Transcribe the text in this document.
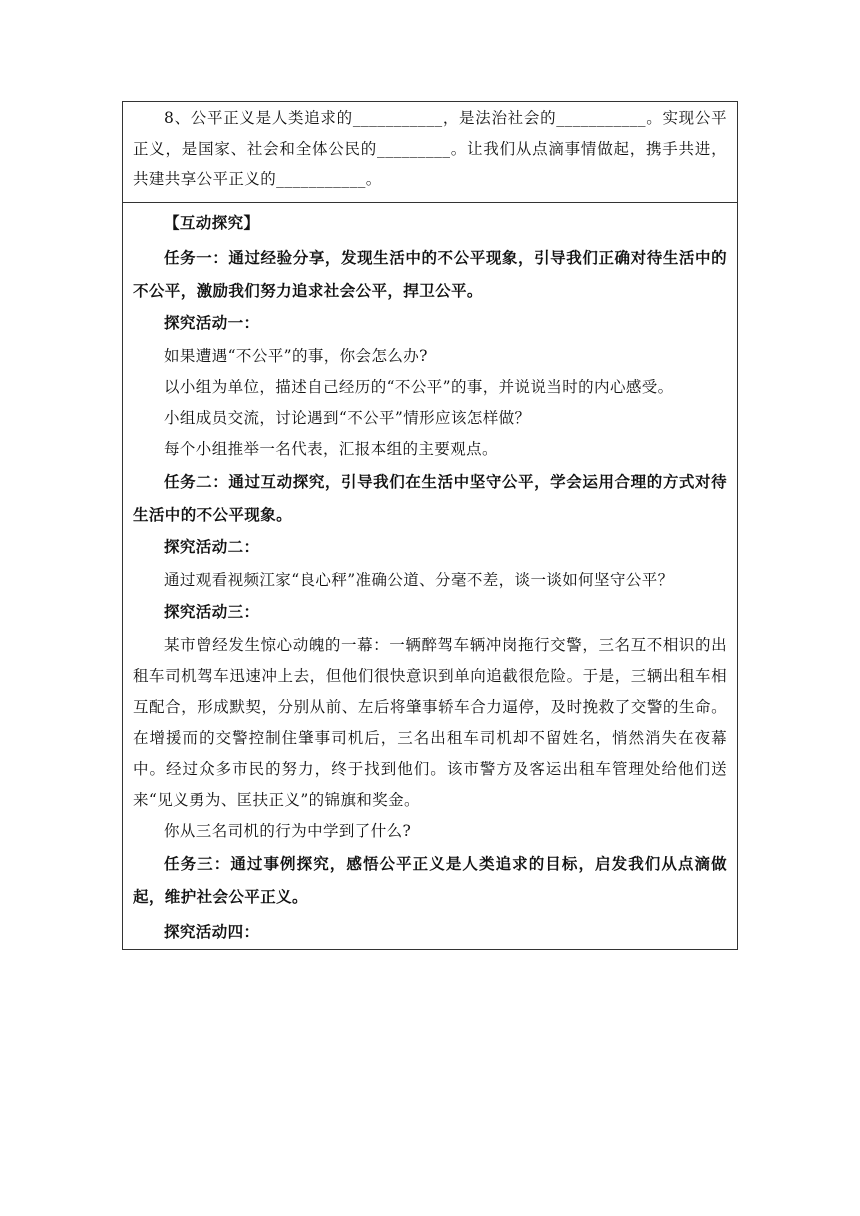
8、公平正义是人类追求的___________，是法治社会的___________。实现公平正义，是国家、社会和全体公民的_________。让我们从点滴事情做起，携手共进，共建共享公平正义的___________。

【互动探究】

任务一：通过经验分享，发现生活中的不公平现象，引导我们正确对待生活中的不公平，激励我们努力追求社会公平，捍卫公平。

探究活动一：

如果遭遇“不公平”的事，你会怎么办?

以小组为单位，描述自己经历的“不公平”的事，并说说当时的内心感受。

小组成员交流，讨论遇到“不公平”情形应该怎样做？

每个小组推举一名代表，汇报本组的主要观点。

任务二：通过互动探究，引导我们在生活中坚守公平，学会运用合理的方式对待生活中的不公平现象。

探究活动二：

通过观看视频江家“良心秤”准确公道、分毫不差，谈一谈如何坚守公平？

探究活动三：

某市曾经发生惊心动魄的一幕：一辆醉驾车辆冲岗拖行交警，三名互不相识的出租车司机驾车迅速冲上去，但他们很快意识到单向追截很危险。于是，三辆出租车相互配合，形成默契，分别从前、左后将肇事轿车合力逼停，及时挽救了交警的生命。在增援而的交警控制住肇事司机后，三名出租车司机却不留姓名，悄然消失在夜幕中。经过众多市民的努力，终于找到他们。该市警方及客运出租车管理处给他们送来“见义勇为、匡扶正义”的锦旗和奖金。

你从三名司机的行为中学到了什么?

任务三：通过事例探究，感悟公平正义是人类追求的目标，启发我们从点滴做起，维护社会公平正义。

探究活动四：
